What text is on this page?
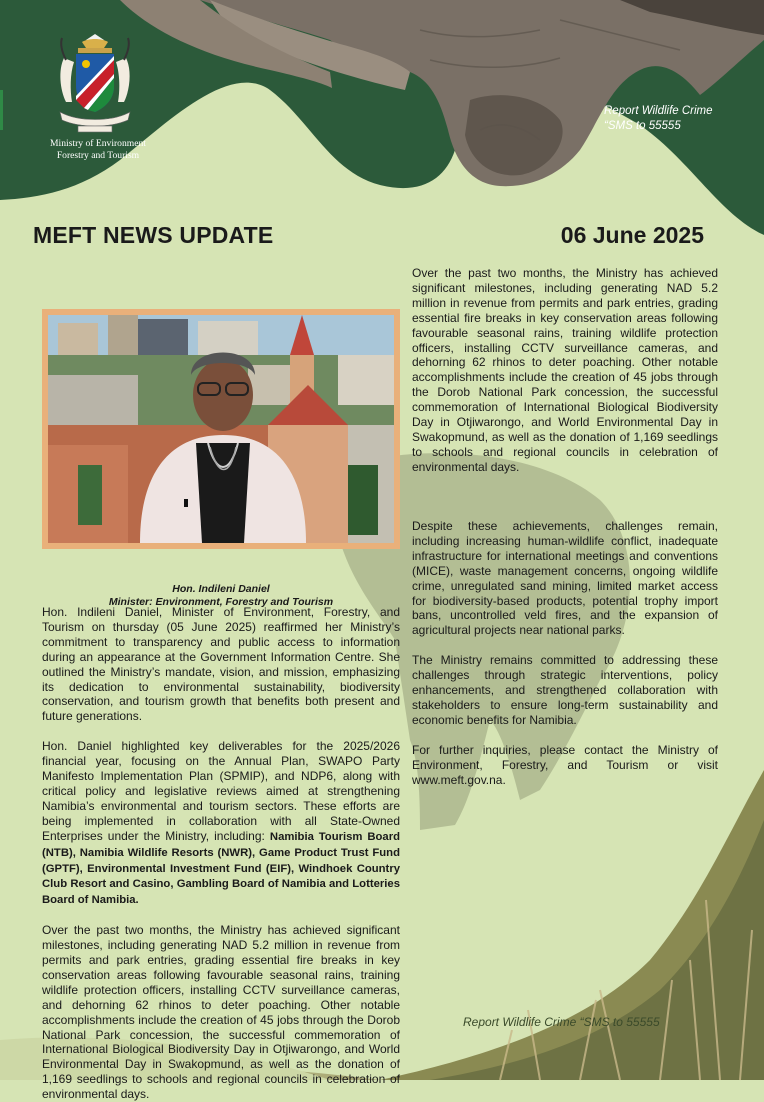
Ministry of Environment
Forestry and Tourism
Report Wildlife Crime
“SMS to 55555
MEFT NEWS UPDATE	06 June 2025
Hon. Indileni Daniel
Minister: Environment, Forestry and Tourism

Hon. Indileni Daniel, Minister of Environment, Forestry, and Tourism on thursday (05 June 2025) reaffirmed her Ministry’s commitment to transparency and public access to information during an appearance at the Government Information Centre. She outlined the Ministry’s mandate, vision, and mission, emphasizing its dedication to environmental sustainability, biodiversity conservation, and tourism growth that benefits both present and future generations.

Hon. Daniel highlighted key deliverables for the 2025/2026 financial year, focusing on the Annual Plan, SWAPO Party Manifesto Implementation Plan (SPMIP), and NDP6, along with critical policy and legislative reviews aimed at strengthening Namibia’s environmental and tourism sectors. These efforts are being implemented in collaboration with all State-Owned Enterprises under the Ministry, including: Namibia Tourism Board (NTB), Namibia Wildlife Resorts (NWR), Game Product Trust Fund (GPTF), Environmental Investment Fund (EIF), Windhoek Country Club Resort and Casino, Gambling Board of Namibia and Lotteries Board of Namibia.

Over the past two months, the Ministry has achieved significant milestones, including generating NAD 5.2 million in revenue from permits and park entries, grading essential fire breaks in key conservation areas following favourable seasonal rains, training wildlife protection officers, installing CCTV surveillance cameras, and dehorning 62 rhinos to deter poaching. Other notable accomplishments include the creation of 45 jobs through the Dorob National Park concession, the successful commemoration of International Biological Biodiversity Day in Otjiwarongo, and World Environmental Day in Swakopmund, as well as the donation of 1,169 seedlings to schools and regional councils in celebration of environmental days.

Over the past two months, the Ministry has achieved significant milestones, including generating NAD 5.2 million in revenue from permits and park entries, grading essential fire breaks in key conservation areas following favourable seasonal rains, training wildlife protection officers, installing CCTV surveillance cameras, and dehorning 62 rhinos to deter poaching. Other notable accomplishments include the creation of 45 jobs through the Dorob National Park concession, the successful commemoration of International Biological Biodiversity Day in Otjiwarongo, and World Environmental Day in Swakopmund, as well as the donation of 1,169 seedlings to schools and regional councils in celebration of environmental days.

Despite these achievements, challenges remain, including increasing human-wildlife conflict, inadequate infrastructure for international meetings and conventions (MICE), waste management concerns, ongoing wildlife crime, unregulated sand mining, limited market access for biodiversity-based products, potential trophy import bans, uncontrolled veld fires, and the expansion of agricultural projects near national parks.

The Ministry remains committed to addressing these challenges through strategic interventions, policy enhancements, and strengthened collaboration with stakeholders to ensure long-term sustainability and economic benefits for Namibia.

For further inquiries, please contact the Ministry of Environment, Forestry, and Tourism or visit www.meft.gov.na.

Report Wildlife Crime “SMS to 55555
